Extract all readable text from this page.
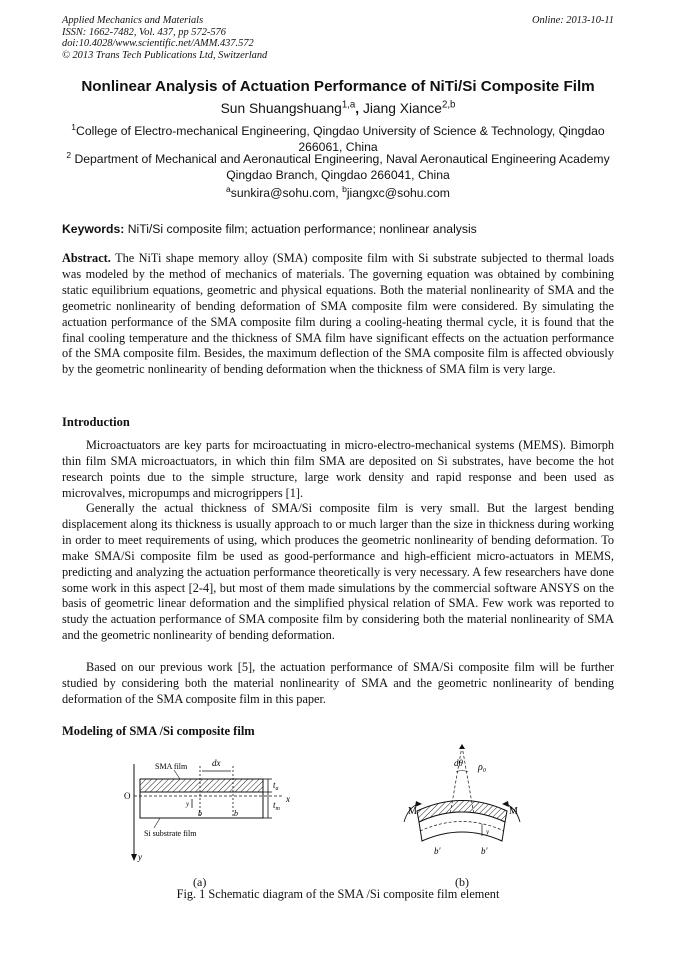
Applied Mechanics and Materials
ISSN: 1662-7482, Vol. 437, pp 572-576
doi:10.4028/www.scientific.net/AMM.437.572
© 2013 Trans Tech Publications Ltd, Switzerland
Online: 2013-10-11
Nonlinear Analysis of Actuation Performance of NiTi/Si Composite Film
Sun Shuangshuang$^{1,a}$, Jiang Xiance$^{2,b}$
$^1$College of Electro-mechanical Engineering, Qingdao University of Science & Technology, Qingdao 266061, China
$^2$ Department of Mechanical and Aeronautical Engineering, Naval Aeronautical Engineering Academy Qingdao Branch, Qingdao 266041, China
$^a$sunkira@sohu.com, $^b$jiangxc@sohu.com
Keywords: NiTi/Si composite film; actuation performance; nonlinear analysis
Abstract. The NiTi shape memory alloy (SMA) composite film with Si substrate subjected to thermal loads was modeled by the method of mechanics of materials. The governing equation was obtained by combining static equilibrium equations, geometric and physical equations. Both the material nonlinearity of SMA and the geometric nonlinearity of bending deformation of SMA composite film were considered. By simulating the actuation performance of the SMA composite film during a cooling-heating thermal cycle, it is found that the final cooling temperature and the thickness of SMA film have significant effects on the actuation performance of the SMA composite film. Besides, the maximum deflection of the SMA composite film is affected obviously by the geometric nonlinearity of bending deformation when the thickness of SMA film is very large.
Introduction
Microactuators are key parts for mciroactuating in micro-electro-mechanical systems (MEMS). Bimorph thin film SMA microactuators, in which thin film SMA are deposited on Si substrates, have become the hot research points due to the simple structure, large work density and rapid response and been used as microvalves, micropumps and microgrippers [1].
Generally the actual thickness of SMA/Si composite film is very small. But the largest bending displacement along its thickness is usually approach to or much larger than the size in thickness during working in order to meet requirements of using, which produces the geometric nonlinearity of bending deformation. To make SMA/Si composite film be used as good-performance and high-efficient micro-actuators in MEMS, predicting and analyzing the actuation performance theoretically is very necessary. A few researchers have done some work in this aspect [2-4], but most of them made simulations by the commercial software ANSYS on the basis of geometric linear deformation and the simplified physical relation of SMA. Few work was reported to study the actuation performance of SMA composite film by considering both the material nonlinearity of SMA and the geometric nonlinearity of bending deformation.
Based on our previous work [5], the actuation performance of SMA/Si composite film will be further studied by considering both the material nonlinearity of SMA and the geometric nonlinearity of bending deformation of the SMA composite film in this paper.
Modeling of SMA /Si composite film
SMA film	dx
O	x
y
$t_a$
$t_m$
y
b	b
Si substrate film
dθ $\rho_0$
M	M
b'	b'
y
(a)	(b)
Fig. 1 Schematic diagram of the SMA /Si composite film element
